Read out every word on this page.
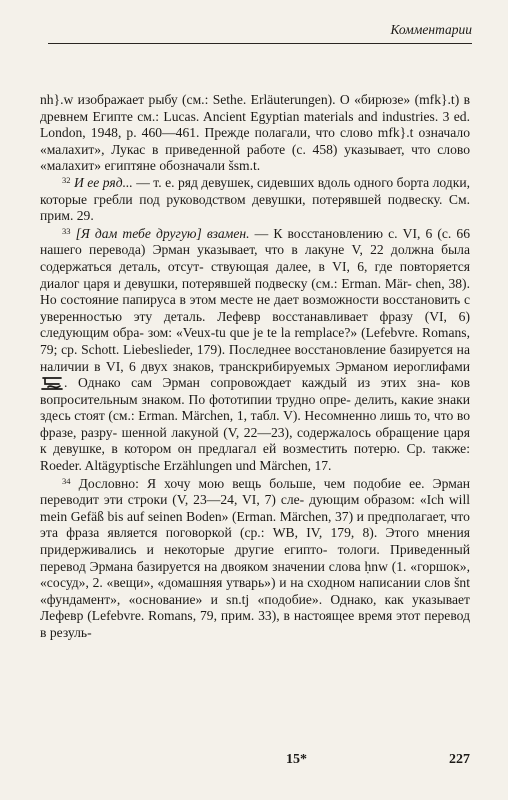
Комментарии

nh}.w изображает рыбу (см.: Sethe. Erläuterungen). О «бирюзе» (mfk}.t) в древнем Египте см.: Lucas. Ancient Egyptian materials and industries. 3 ed. London, 1948, р. 460—461. Прежде полагали, что слово mfk}.t означало «малахит», Лукас в приведенной работе (с. 458) указывает, что слово «малахит» египтяне обозначали šsm.t.

$^{32}$ И ее ряд... — т. е. ряд девушек, сидевших вдоль одного борта лодки, которые гребли под руководством девушки, потерявшей подвеску. См. прим. 29.

$^{33}$ [Я дам тебе другую] взамен. — К восстановлению с. VI, 6 (с. 66 нашего перевода) Эрман указывает, что в лакуне V, 22 должна была содержаться деталь, отсут- ствующая далее, в VI, 6, где повторяется диалог царя и девушки, потерявшей подвеску (см.: Erman. Mär- chen, 38). Но состояние папируса в этом месте не дает возможности восстановить с уверенностью эту деталь. Лефевр восстанавливает фразу (VI, 6) следующим обра- зом: «Veux-tu que je te la remplace?» (Lefebvre. Romans, 79; ср. Schott. Liebeslieder, 179). Последнее восстановление базируется на наличии в VI, 6 двух знаков, транскрибируемых Эрманом иероглифами . Однако сам Эрман сопровождает каждый из этих зна- ков вопросительным знаком. По фототипии трудно опре- делить, какие знаки здесь стоят (см.: Erman. Märchen, 1, табл. V). Несомненно лишь то, что во фразе, разру- шенной лакуной (V, 22—23), содержалось обращение царя к девушке, в котором он предлагал ей возместить потерю. Ср. также: Roeder. Altägyptische Erzählungen und Märchen, 17.

$^{34}$ Дословно: Я хочу мою вещь больше, чем подобие ее. Эрман переводит эти строки (V, 23—24, VI, 7) сле- дующим образом: «Ich will mein Gefäß bis auf seinen Boden» (Erman. Märchen, 37) и предполагает, что эта фраза является поговоркой (ср.: WB, IV, 179, 8). Этого мнения придерживались и некоторые другие египто- тологи. Приведенный перевод Эрмана базируется на двояком значении слова ḥnw (1. «горшок», «сосуд», 2. «вещи», «домашняя утварь») и на сходном написании слов šnt «фундамент», «основание» и sn.tj «подобие». Однако, как указывает Лефевр (Lefebvre. Romans, 79, прим. 33), в настоящее время этот перевод в резуль-

15*	227
